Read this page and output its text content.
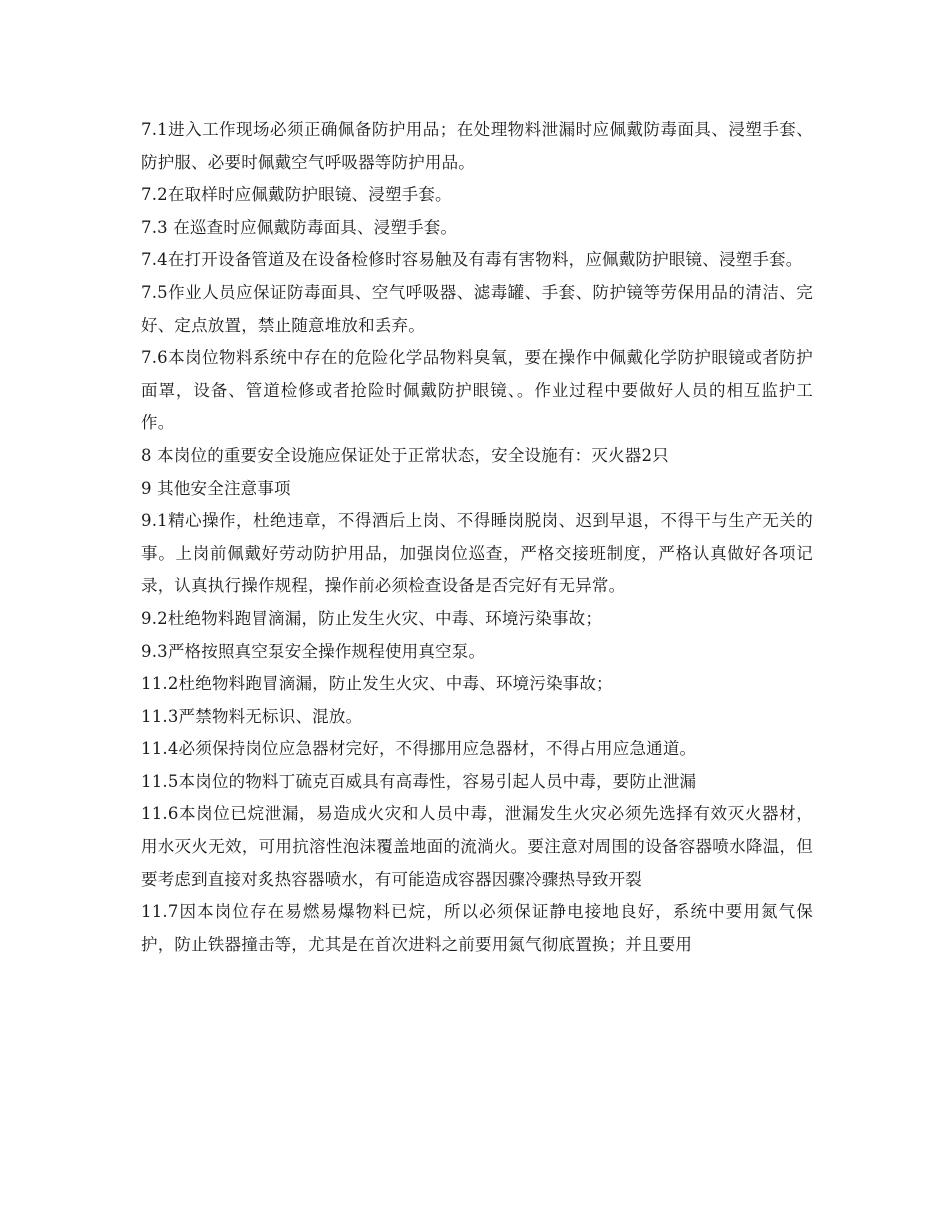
7.1进入工作现场必须正确佩备防护用品；在处理物料泄漏时应佩戴防毒面具、浸塑手套、防护服、必要时佩戴空气呼吸器等防护用品。

7.2在取样时应佩戴防护眼镜、浸塑手套。

7.3 在巡查时应佩戴防毒面具、浸塑手套。

7.4在打开设备管道及在设备检修时容易触及有毒有害物料，应佩戴防护眼镜、浸塑手套。

7.5作业人员应保证防毒面具、空气呼吸器、滤毒罐、手套、防护镜等劳保用品的清洁、完好、定点放置，禁止随意堆放和丢弃。

7.6本岗位物料系统中存在的危险化学品物料臭氧，要在操作中佩戴化学防护眼镜或者防护面罩，设备、管道检修或者抢险时佩戴防护眼镜、。作业过程中要做好人员的相互监护工作。

8 本岗位的重要安全设施应保证处于正常状态，安全设施有：灭火器2只

9 其他安全注意事项

9.1精心操作，杜绝违章，不得酒后上岗、不得睡岗脱岗、迟到早退，不得干与生产无关的事。上岗前佩戴好劳动防护用品，加强岗位巡查，严格交接班制度，严格认真做好各项记录，认真执行操作规程，操作前必须检查设备是否完好有无异常。

9.2杜绝物料跑冒滴漏，防止发生火灾、中毒、环境污染事故；

9.3严格按照真空泵安全操作规程使用真空泵。

11.2杜绝物料跑冒滴漏，防止发生火灾、中毒、环境污染事故；

11.3严禁物料无标识、混放。

11.4必须保持岗位应急器材完好，不得挪用应急器材，不得占用应急通道。

11.5本岗位的物料丁硫克百威具有高毒性，容易引起人员中毒，要防止泄漏

11.6本岗位已烷泄漏，易造成火灾和人员中毒，泄漏发生火灾必须先选择有效灭火器材，用水灭火无效，可用抗溶性泡沫覆盖地面的流淌火。要注意对周围的设备容器喷水降温，但要考虑到直接对炙热容器喷水，有可能造成容器因骤冷骤热导致开裂

11.7因本岗位存在易燃易爆物料已烷，所以必须保证静电接地良好，系统中要用氮气保护，防止铁器撞击等，尤其是在首次进料之前要用氮气彻底置换；并且要用
